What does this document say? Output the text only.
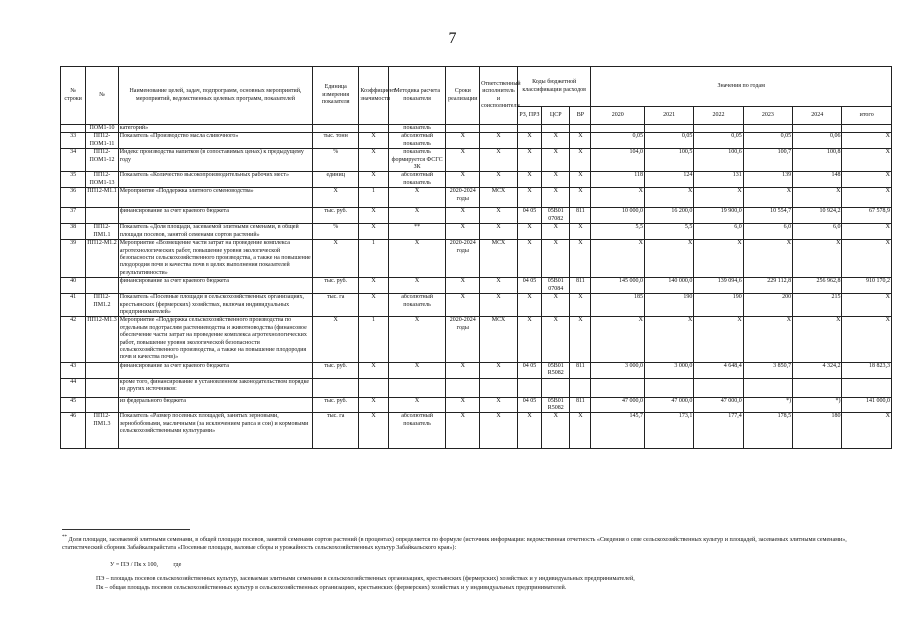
7
№ строки	№	Наименование целей, задач, подпрограмм, основных мероприятий, мероприятий, ведомственных целевых программ, показателей	Единица измерения показателя	Коэффициент значимости	Методика расчета показателя	Сроки реализации	Ответственный исполнитель и соисполнители	Коды бюджетной классификации расходов			Значения по годам					
								РЗ, ПРЗ	ЦСР	ВР	2020	2021	2022	2023	2024	итого
	ПОМ1-10	категорий»			показатель											
33	ПП12-ПОМ1-11	Показатель «Производство масла сливочного»	тыс. тонн	X	абсолютный показатель	X	X	X	X	X	0,05	0,05	0,05	0,05	0,06	X
34	ПП12-ПОМ1-12	Индекс производства напитков (в сопоставимых ценах) к предыдущему году	%	X	показатель формируется ФСГС ЗК	X	X	X	X	X	104,0	100,5	100,6	100,7	100,8	X
35	ПП12-ПОМ1-13	Показатель «Количество высокопроизводительных рабочих мест»	единиц	X	абсолютный показатель	X	X	X	X	X	118	124	131	139	148	X
36	ПП12-М1.1	Мероприятие «Поддержка элитного семеноводства»	X	1	X	2020-2024 годы	МСХ	X	X	X	X	X	X	X	X	X
37		финансирование за счет краевого бюджета	тыс. руб.	X	X	X	X	04 05	05В01 07082	811	10 000,0	16 200,0	19 900,0	10 554,7	10 924,2	67 578,9
38	ПП12-ПМ1.1	Показатель «Доля площади, засеваемой элитными семенами, в общей площади посевов, занятой семенами сортов растений»	%	X	**	X	X	X	X	X	5,5	5,5	6,0	6,0	6,0	X
39	ПП12-М1.2	Мероприятие «Возмещение части затрат на проведение комплекса агротехнологических работ, повышение уровня экологической безопасности сельскохозяйственного производства, а также на повышение плодородия почв и качества почв в целях выполнения показателей результативности»	X	1	X	2020-2024 годы	МСХ	X	X	X	X	X	X	X	X	X
40		финансирование за счет краевого бюджета	тыс. руб.	X	X	X	X	04 05	05В01 07084	811	145 000,0	140 000,0	139 094,6	229 112,8	256 962,8	910 170,2
41	ПП12-ПМ1.2	Показатель «Посевные площади в сельскохозяйственных организациях, крестьянских (фермерских) хозяйствах, включая индивидуальных предпринимателей»	тыс. га	X	абсолютный показатель	X	X	X	X	X	185	190	190	200	215	X
42	ПП12-М1.3	Мероприятие «Поддержка сельскохозяйственного производства по отдельным подотраслям растениеводства и животноводства (финансовое обеспечение части затрат на проведение комплекса агротехнологических работ, повышение уровня экологической безопасности сельскохозяйственного производства, а также на повышение плодородия почв и качества почв)»	X	1	X	2020-2024 годы	МСХ	X	X	X	X	X	X	X	X	X
43		финансирование за счет краевого бюджета	тыс. руб.	X	X	X	X	04 05	05В01 R5082	811	3 000,0	3 000,0	4 648,4	3 850,7	4 324,2	18 823,3
44		кроме того, финансирование в установленном законодательством порядке из других источников:														
45		из федерального бюджета	тыс. руб.	X	X	X	X	04 05	05В01 R5082	811	47 000,0	47 000,0	47 000,0	*)	*)	141 000,0
46	ПП12-ПМ1.3	Показатель «Размер посевных площадей, занятых зерновыми, зернобобовыми, масличными (за исключением рапса и сои) и кормовыми сельскохозяйственными культурами»	тыс. га	X	абсолютный показатель	X	X	X	X	X	145,7	173,1	177,4	178,5	180	X
** Доля площади, засеваемой элитными семенами, в общей площади посевов, занятой семенами сортов растений (в процентах) определяется по формуле (источник информации: ведомственная отчетность «Сведения о севе сельскохозяйственных культур и площадей, засеваемых элитными семенами», статистический сборник Забайкалкрайстата «Посевные площади, валовые сборы и урожайность сельскохозяйственных культур Забайкальского края»):
У = ПЭ / Пк х 100, где
ПЭ – площадь посевов сельскохозяйственных культур, засеваемая элитными семенами в сельскохозяйственных организациях, крестьянских (фермерских) хозяйствах и у индивидуальных предпринимателей,
Пк – общая площадь посевов сельскохозяйственных культур в сельскохозяйственных организациях, крестьянских (фермерских) хозяйствах и у индивидуальных предпринимателей.
